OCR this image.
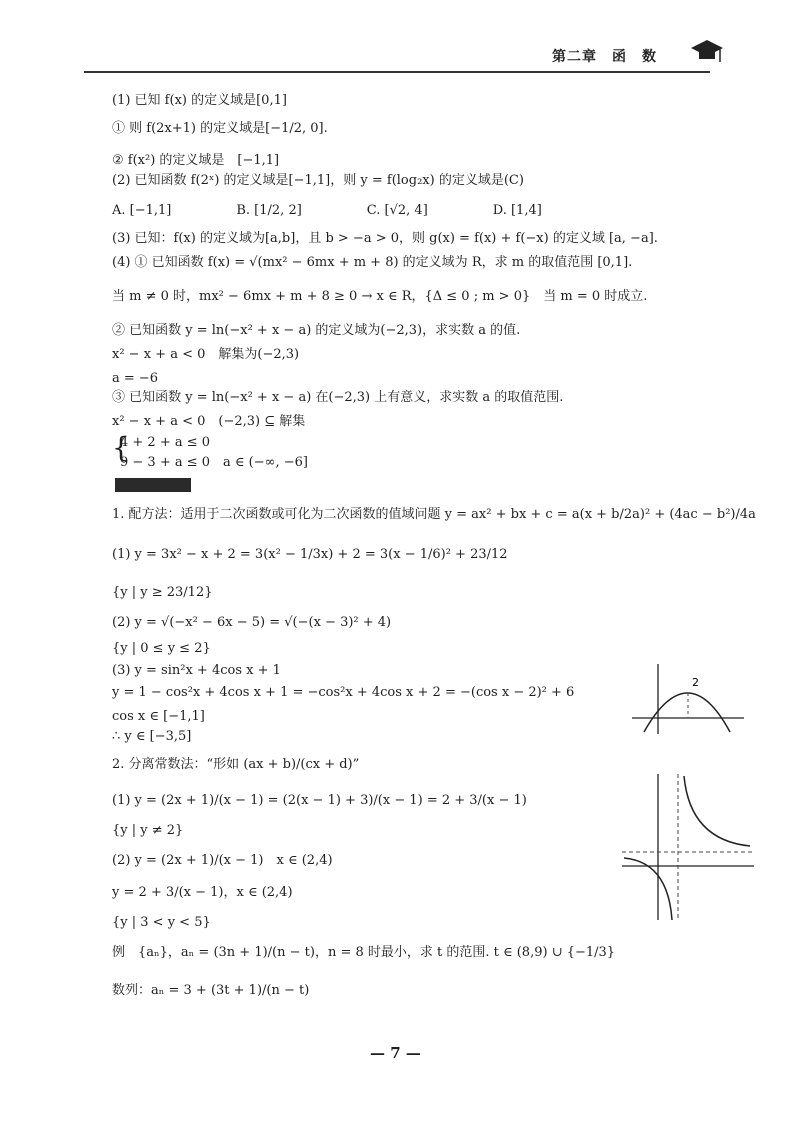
第二章　函　数
(1) 已知 f(x) 的定义域是[0,1]
① 则 f(2x+1) 的定义域是[−1/2, 0].
② f(x²) 的定义域是　[−1,1]
(2) 已知函数 f(2ˣ) 的定义域是[−1,1]，则 y = f(log₂x) 的定义域是(C)
A. [−1,1]　　　　　B. [1/2, 2]　　　　　C. [√2, 4]　　　　　D. [1,4]
(3) 已知：f(x) 的定义域为[a,b]，且 b > −a > 0，则 g(x) = f(x) + f(−x) 的定义域 [a, −a].
(4) ① 已知函数 f(x) = √(mx² − 6mx + m + 8) 的定义域为 R，求 m 的取值范围 [0,1].
当 m ≠ 0 时，mx² − 6mx + m + 8 ≥ 0 → x ∈ R，{Δ ≤ 0 ; m > 0}　当 m = 0 时成立.
② 已知函数 y = ln(−x² + x − a) 的定义域为(−2,3)，求实数 a 的值.
x² − x + a < 0　解集为(−2,3)
a = −6
③ 已知函数 y = ln(−x² + x − a) 在(−2,3) 上有意义，求实数 a 的取值范围.
x² − x + a < 0　(−2,3) ⊆ 解集
4 + 2 + a ≤ 0
9 − 3 + a ≤ 0　a ∈ (−∞, −6]
{

1. 配方法：适用于二次函数或可化为二次函数的值域问题 y = ax² + bx + c = a(x + b/2a)² + (4ac − b²)/4a
(1) y = 3x² − x + 2 = 3(x² − 1/3x) + 2 = 3(x − 1/6)² + 23/12
{y | y ≥ 23/12}
(2) y = √(−x² − 6x − 5) = √(−(x − 3)² + 4)
{y | 0 ≤ y ≤ 2}
(3) y = sin²x + 4cos x + 1
y = 1 − cos²x + 4cos x + 1 = −cos²x + 4cos x + 2 = −(cos x − 2)² + 6
cos x ∈ [−1,1]
∴ y ∈ [−3,5]
2. 分离常数法：“形如 (ax + b)/(cx + d)”
(1) y = (2x + 1)/(x − 1) = (2(x − 1) + 3)/(x − 1) = 2 + 3/(x − 1)
{y | y ≠ 2}
(2) y = (2x + 1)/(x − 1)　x ∈ (2,4)
y = 2 + 3/(x − 1)，x ∈ (2,4)
{y | 3 < y < 5}
例　{aₙ}，aₙ = (3n + 1)/(n − t)，n = 8 时最小，求 t 的范围. t ∈ (8,9) ∪ {−1/3}
数列：aₙ = 3 + (3t + 1)/(n − t)
2
— 7 —
